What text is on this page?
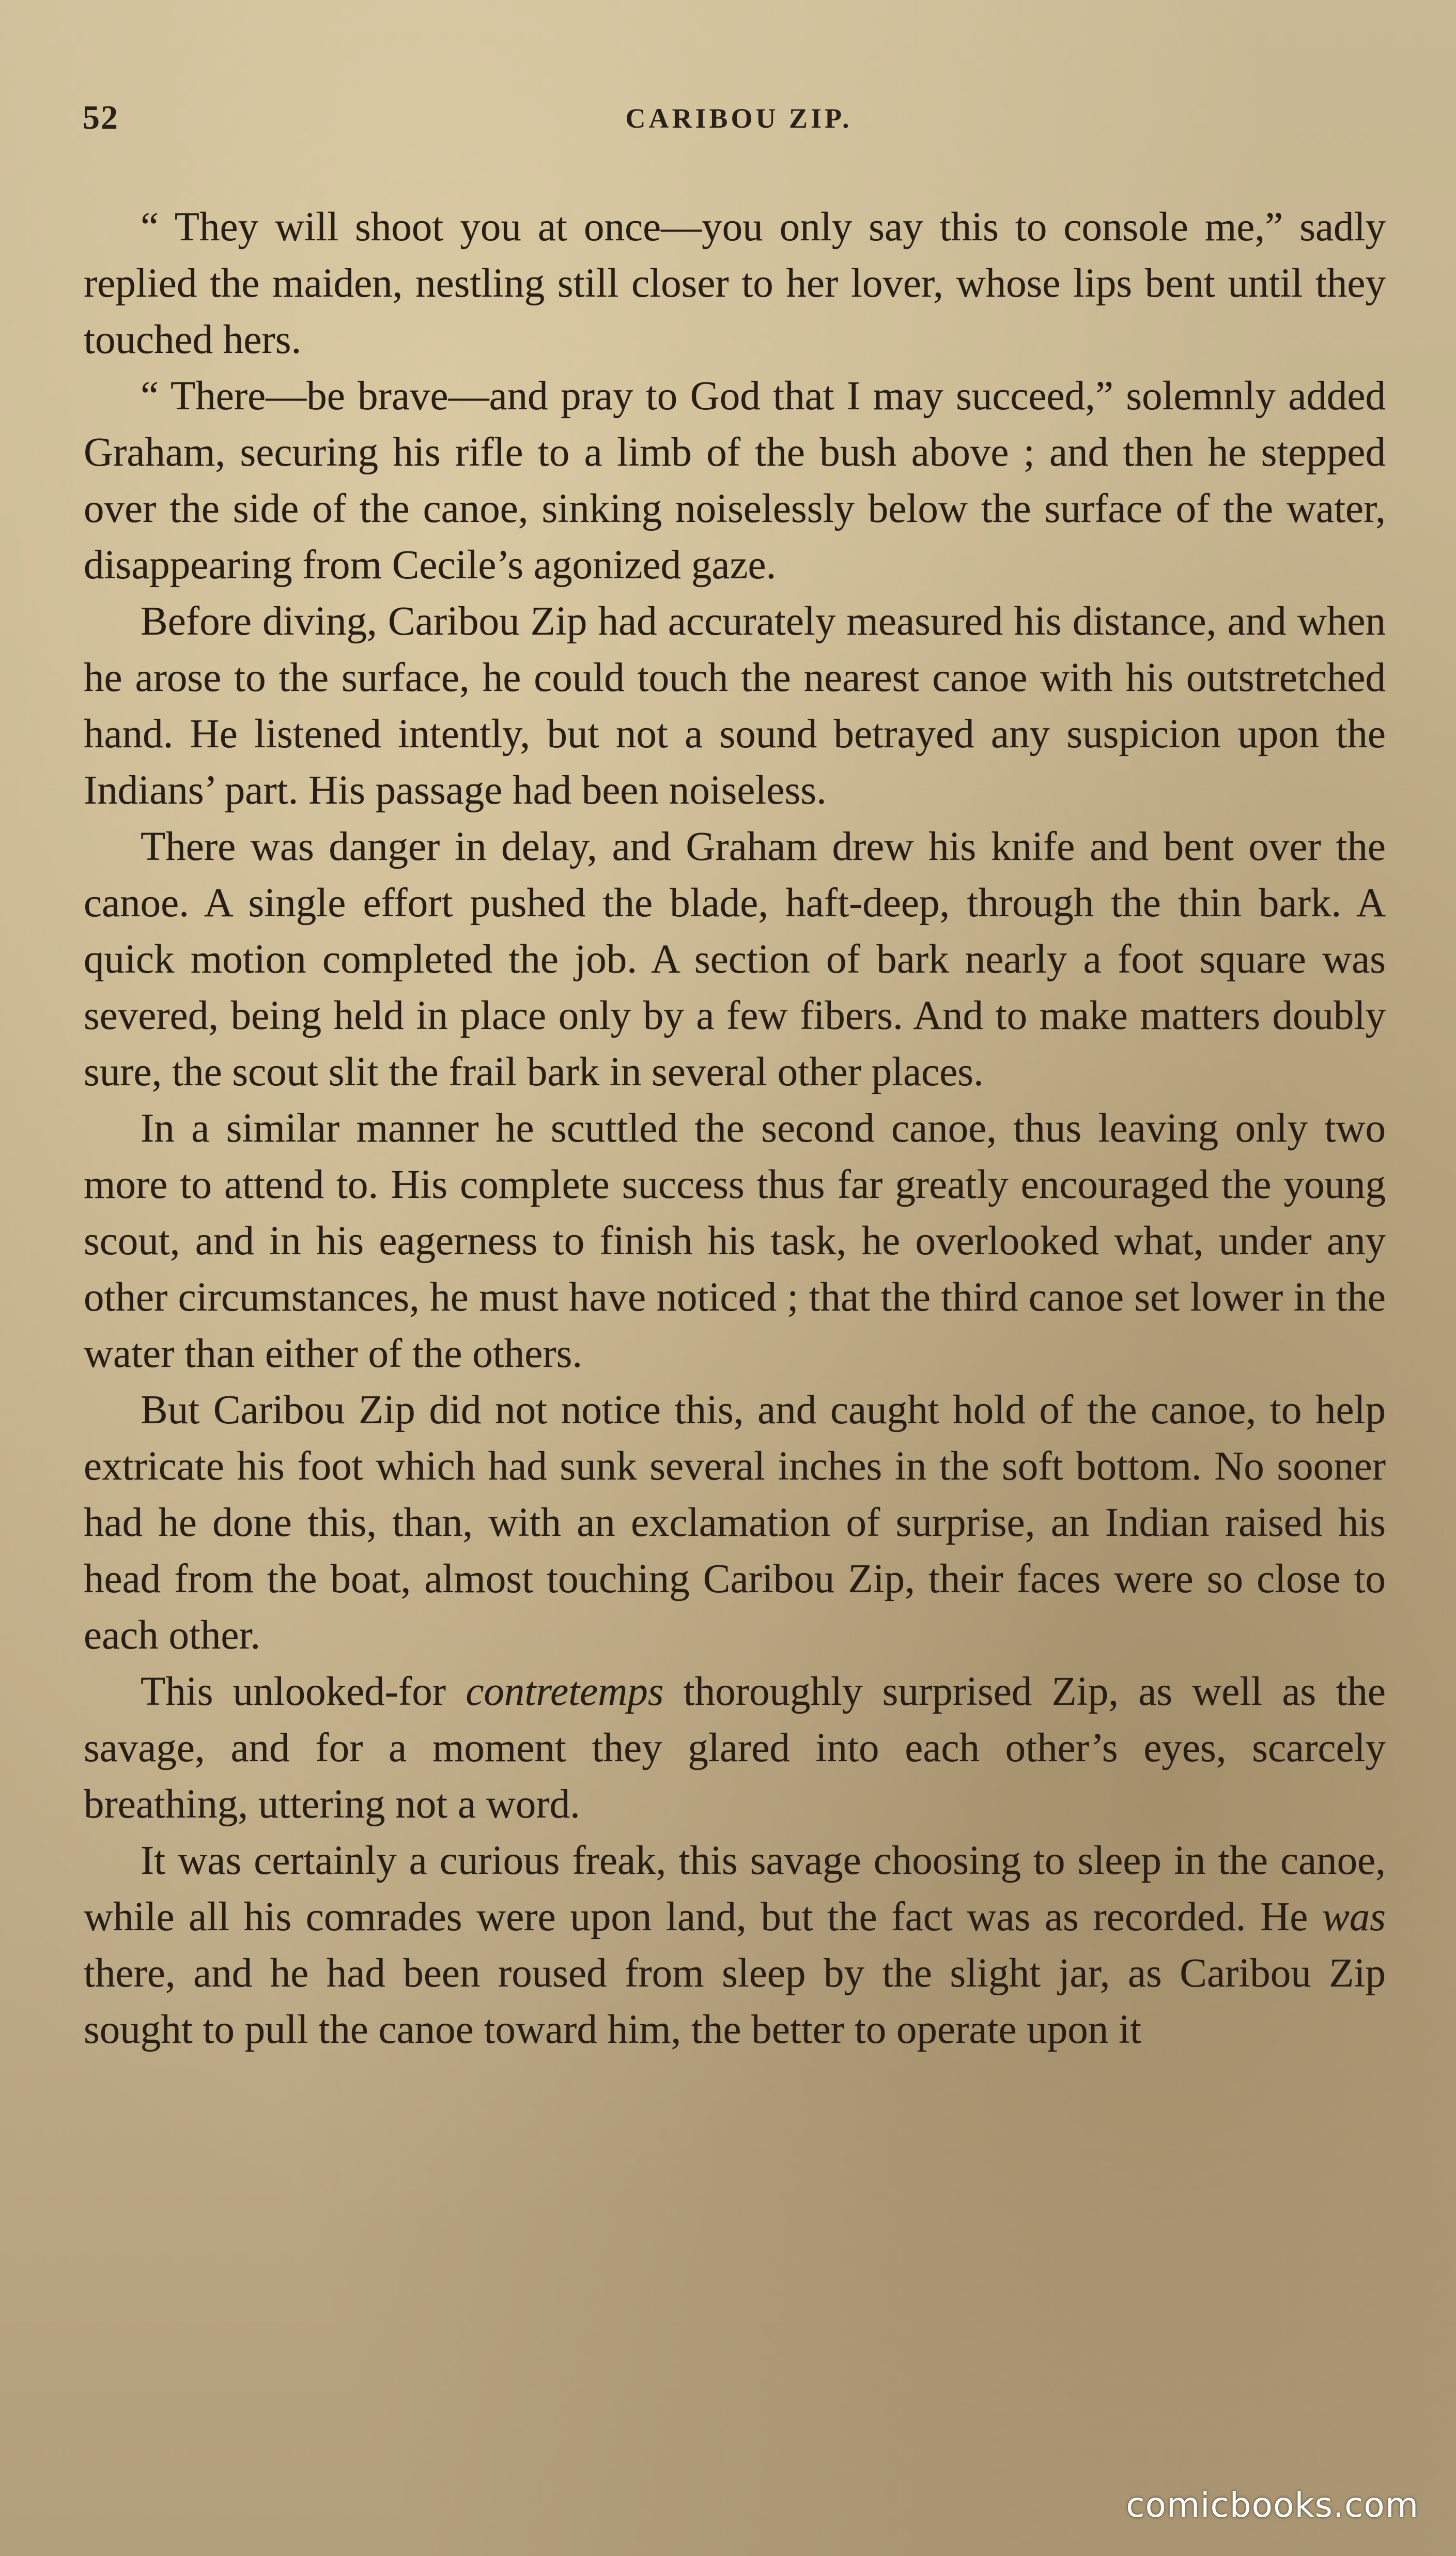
52	CARIBOU ZIP.

“ They will shoot you at once—you only say this to console me,” sadly replied the maiden, nestling still closer to her lover, whose lips bent until they touched hers.

“ There—be brave—and pray to God that I may succeed,” solemnly added Graham, securing his rifle to a limb of the bush above ; and then he stepped over the side of the canoe, sinking noiselessly below the surface of the water, disappearing from Cecile’s agonized gaze.

Before diving, Caribou Zip had accurately measured his distance, and when he arose to the surface, he could touch the nearest canoe with his outstretched hand. He listened intently, but not a sound betrayed any suspicion upon the Indians’ part. His passage had been noiseless.

There was danger in delay, and Graham drew his knife and bent over the canoe. A single effort pushed the blade, haft-deep, through the thin bark. A quick motion completed the job. A section of bark nearly a foot square was severed, being held in place only by a few fibers. And to make matters doubly sure, the scout slit the frail bark in several other places.

In a similar manner he scuttled the second canoe, thus leaving only two more to attend to. His complete success thus far greatly encouraged the young scout, and in his eagerness to finish his task, he overlooked what, under any other circumstances, he must have noticed ; that the third canoe set lower in the water than either of the others.

But Caribou Zip did not notice this, and caught hold of the canoe, to help extricate his foot which had sunk several inches in the soft bottom. No sooner had he done this, than, with an exclamation of surprise, an Indian raised his head from the boat, almost touching Caribou Zip, their faces were so close to each other.

This unlooked-for contretemps thoroughly surprised Zip, as well as the savage, and for a moment they glared into each other’s eyes, scarcely breathing, uttering not a word.

It was certainly a curious freak, this savage choosing to sleep in the canoe, while all his comrades were upon land, but the fact was as recorded. He was there, and he had been roused from sleep by the slight jar, as Caribou Zip sought to pull the canoe toward him, the better to operate upon it

comicbooks.com
